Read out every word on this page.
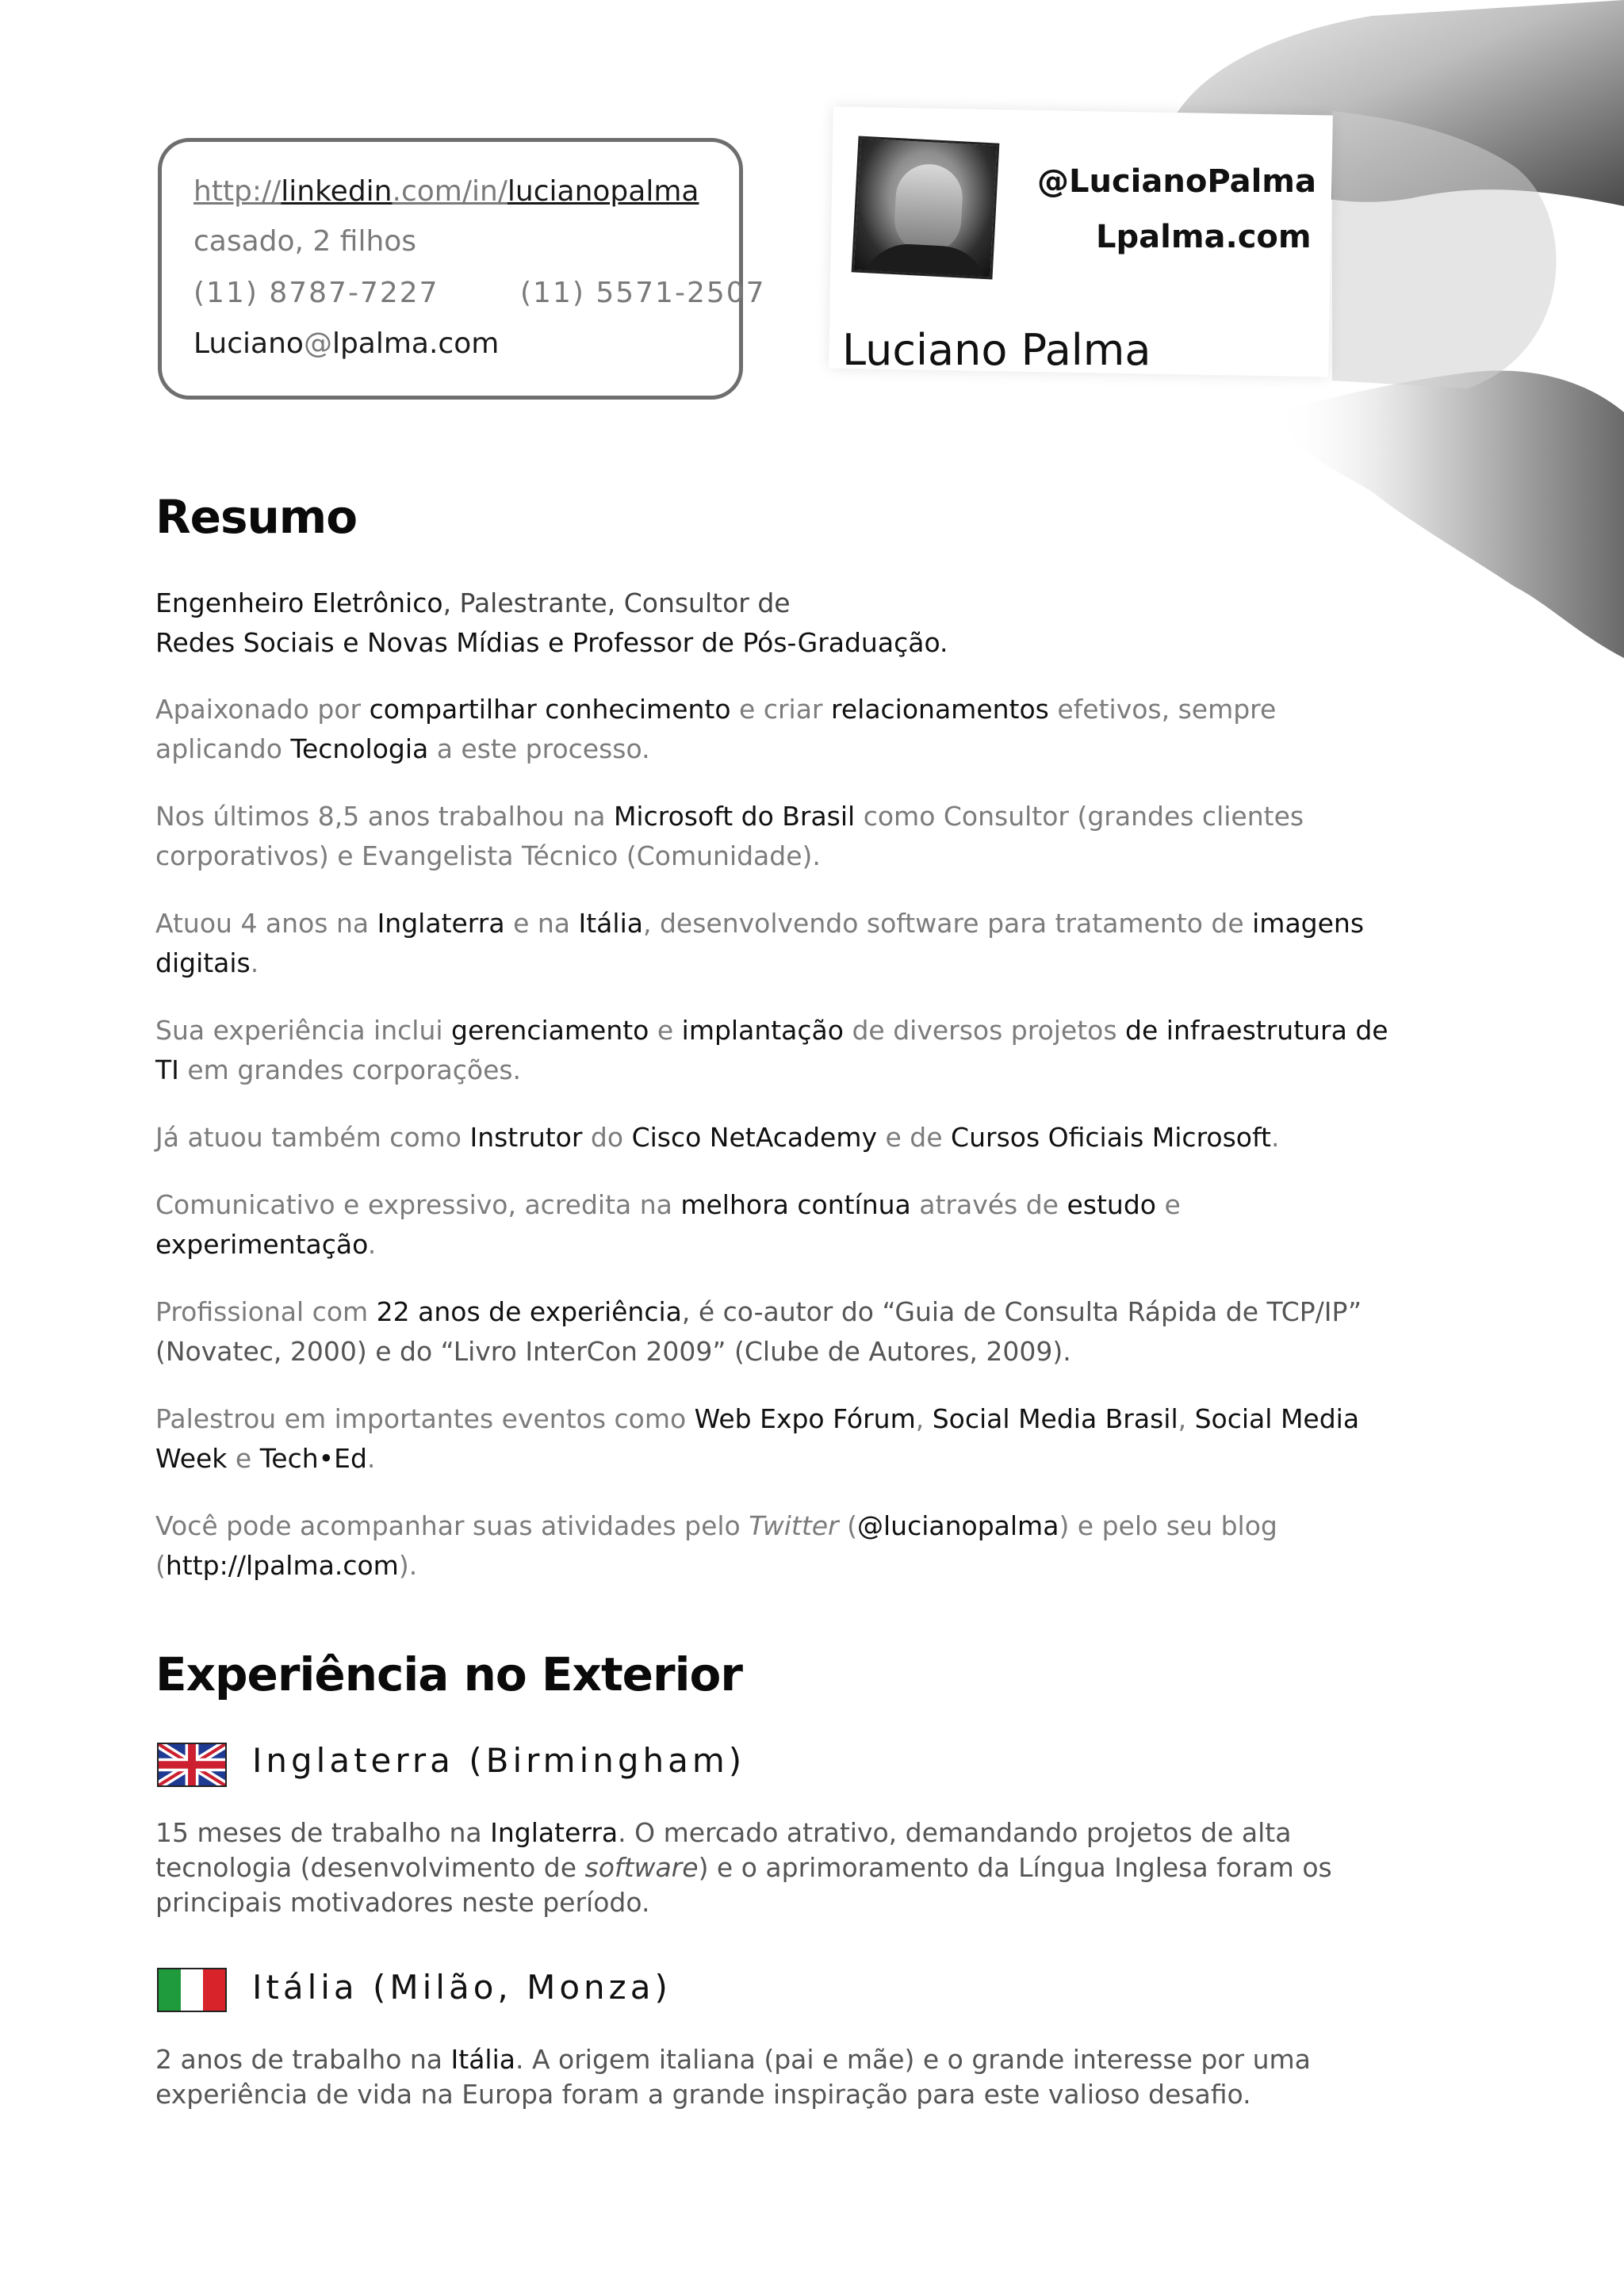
http://linkedin.com/in/lucianopalma
casado, 2 filhos
(11) 8787-7227	(11) 5571-2507
Luciano@lpalma.com
@LucianoPalma
Lpalma.com
Luciano Palma
Resumo

Engenheiro Eletrônico, Palestrante, Consultor de
Redes Sociais e Novas Mídias e Professor de Pós-Graduação.

Apaixonado por compartilhar conhecimento e criar relacionamentos efetivos, sempre aplicando Tecnologia a este processo.

Nos últimos 8,5 anos trabalhou na Microsoft do Brasil como Consultor (grandes clientes corporativos) e Evangelista Técnico (Comunidade).

Atuou 4 anos na Inglaterra e na Itália, desenvolvendo software para tratamento de imagens digitais.

Sua experiência inclui gerenciamento e implantação de diversos projetos de infraestrutura de TI em grandes corporações.

Já atuou também como Instrutor do Cisco NetAcademy e de Cursos Oficiais Microsoft.

Comunicativo e expressivo, acredita na melhora contínua através de estudo e experimentação.

Profissional com 22 anos de experiência, é co-autor do “Guia de Consulta Rápida de TCP/IP” (Novatec, 2000) e do “Livro InterCon 2009” (Clube de Autores, 2009).

Palestrou em importantes eventos como Web Expo Fórum, Social Media Brasil, Social Media Week e Tech•Ed.

Você pode acompanhar suas atividades pelo Twitter (@lucianopalma) e pelo seu blog (http://lpalma.com).

Experiência no Exterior
Inglaterra (Birmingham)

15 meses de trabalho na Inglaterra. O mercado atrativo, demandando projetos de alta tecnologia (desenvolvimento de software) e o aprimoramento da Língua Inglesa foram os principais motivadores neste período.

Itália (Milão, Monza)

2 anos de trabalho na Itália. A origem italiana (pai e mãe) e o grande interesse por uma experiência de vida na Europa foram a grande inspiração para este valioso desafio.
